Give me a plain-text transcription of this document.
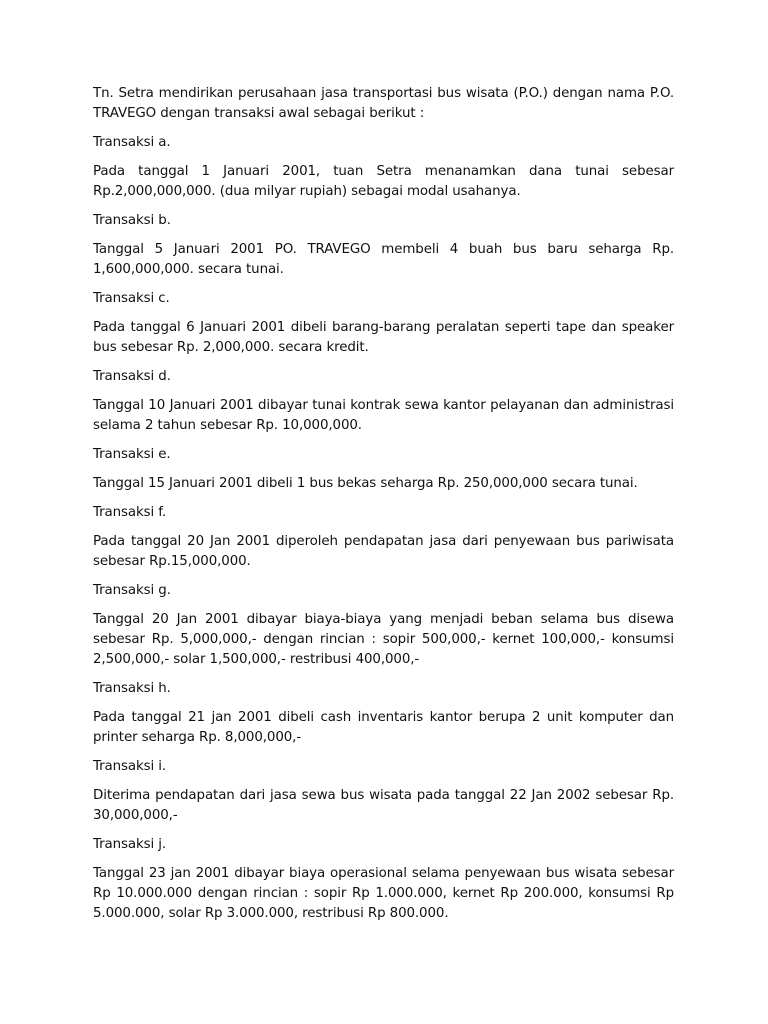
Tn. Setra mendirikan perusahaan jasa transportasi bus wisata (P.O.) dengan nama P.O. TRAVEGO dengan transaksi awal sebagai berikut :

Transaksi a.

Pada tanggal 1 Januari 2001, tuan Setra menanamkan dana tunai sebesar Rp.2,000,000,000. (dua milyar rupiah) sebagai modal usahanya.

Transaksi b.

Tanggal 5 Januari 2001 PO. TRAVEGO membeli 4 buah bus baru seharga Rp. 1,600,000,000. secara tunai.

Transaksi c.

Pada tanggal 6 Januari 2001 dibeli barang-barang peralatan seperti tape dan speaker bus sebesar Rp. 2,000,000. secara kredit.

Transaksi d.

Tanggal 10 Januari 2001 dibayar tunai kontrak sewa kantor pelayanan dan administrasi selama 2 tahun sebesar Rp. 10,000,000.

Transaksi e.

Tanggal 15 Januari 2001 dibeli 1 bus bekas seharga Rp. 250,000,000 secara tunai.

Transaksi f.

Pada tanggal 20 Jan 2001 diperoleh pendapatan jasa dari penyewaan bus pariwisata sebesar Rp.15,000,000.

Transaksi g.

Tanggal 20 Jan 2001 dibayar biaya-biaya yang menjadi beban selama bus disewa sebesar Rp. 5,000,000,- dengan rincian : sopir 500,000,- kernet 100,000,- konsumsi 2,500,000,- solar 1,500,000,- restribusi 400,000,-

Transaksi h.

Pada tanggal 21 jan 2001 dibeli cash inventaris kantor berupa 2 unit komputer dan printer seharga Rp. 8,000,000,-

Transaksi i.

Diterima pendapatan dari jasa sewa bus wisata pada tanggal 22 Jan 2002 sebesar Rp. 30,000,000,-

Transaksi j.

Tanggal 23 jan 2001 dibayar biaya operasional selama penyewaan bus wisata sebesar Rp 10.000.000 dengan rincian : sopir Rp 1.000.000, kernet Rp 200.000, konsumsi Rp 5.000.000, solar Rp 3.000.000, restribusi Rp 800.000.
